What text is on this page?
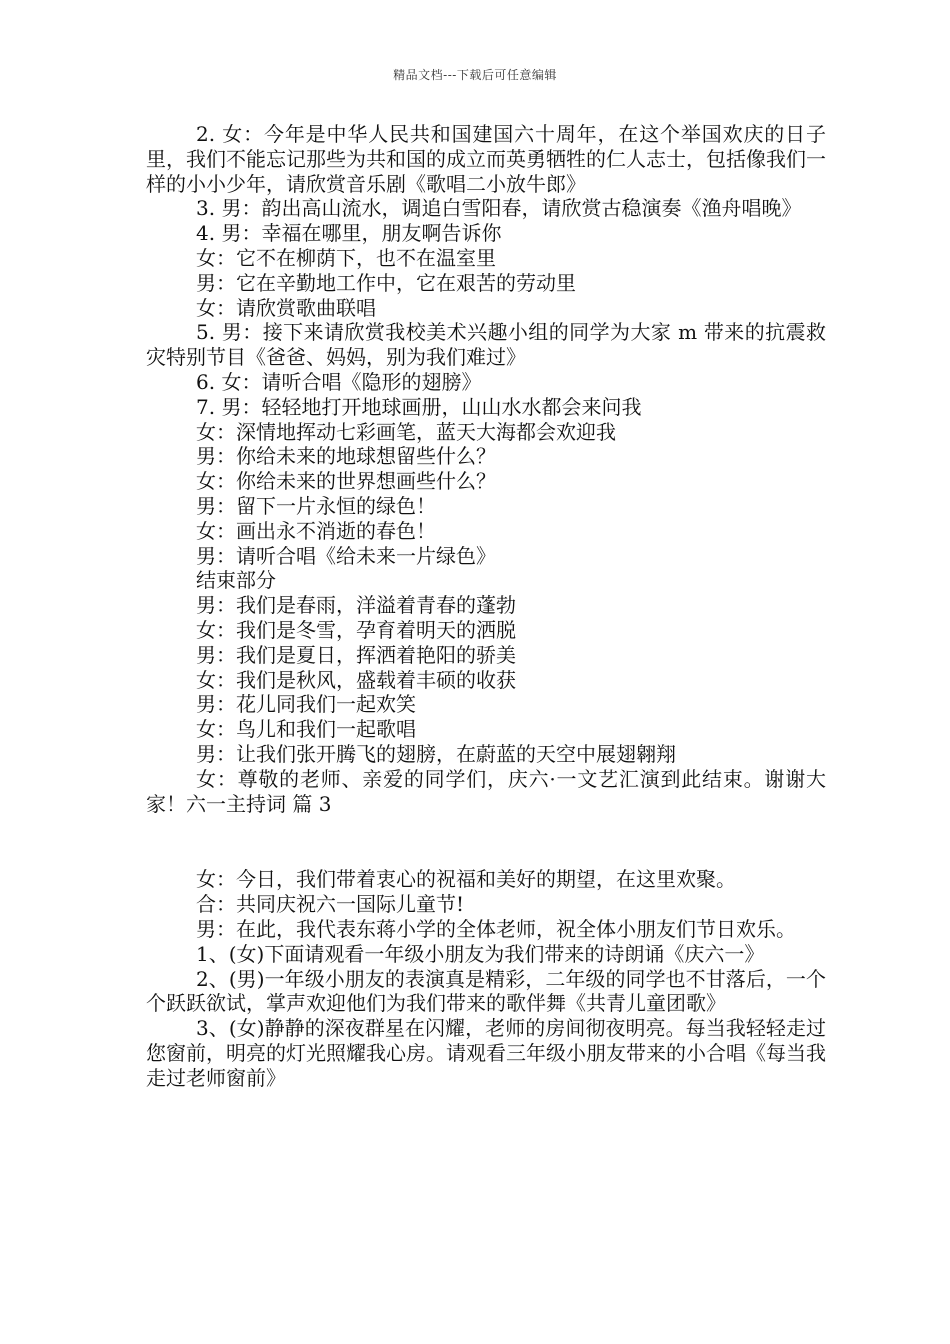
精品文档---下载后可任意编辑

2. 女：今年是中华人民共和国建国六十周年，在这个举国欢庆的日子里，我们不能忘记那些为共和国的成立而英勇牺牲的仁人志士，包括像我们一样的小小少年，请欣赏音乐剧《歌唱二小放牛郎》

3. 男：韵出高山流水，调追白雪阳春，请欣赏古稳演奏《渔舟唱晚》

4. 男：幸福在哪里，朋友啊告诉你

女：它不在柳荫下，也不在温室里

男：它在辛勤地工作中，它在艰苦的劳动里

女：请欣赏歌曲联唱

5. 男：接下来请欣赏我校美术兴趣小组的同学为大家 m 带来的抗震救灾特别节目《爸爸、妈妈，别为我们难过》

6. 女：请听合唱《隐形的翅膀》

7. 男：轻轻地打开地球画册，山山水水都会来问我

女：深情地挥动七彩画笔，蓝天大海都会欢迎我

男：你给未来的地球想留些什么？

女：你给未来的世界想画些什么？

男：留下一片永恒的绿色！

女：画出永不消逝的春色！

男：请听合唱《给未来一片绿色》

结束部分

男：我们是春雨，洋溢着青春的蓬勃

女：我们是冬雪，孕育着明天的洒脱

男：我们是夏日，挥洒着艳阳的骄美

女：我们是秋风，盛载着丰硕的收获

男：花儿同我们一起欢笑

女：鸟儿和我们一起歌唱

男：让我们张开腾飞的翅膀，在蔚蓝的天空中展翅翱翔

女：尊敬的老师、亲爱的同学们，庆六·一文艺汇演到此结束。谢谢大家！六一主持词 篇 3

女：今日，我们带着衷心的祝福和美好的期望，在这里欢聚。

合：共同庆祝六一国际儿童节!

男：在此，我代表东蒋小学的全体老师，祝全体小朋友们节日欢乐。

1、(女)下面请观看一年级小朋友为我们带来的诗朗诵《庆六一》

2、(男)一年级小朋友的表演真是精彩，二年级的同学也不甘落后，一个个跃跃欲试，掌声欢迎他们为我们带来的歌伴舞《共青儿童团歌》

3、(女)静静的深夜群星在闪耀，老师的房间彻夜明亮。每当我轻轻走过您窗前，明亮的灯光照耀我心房。请观看三年级小朋友带来的小合唱《每当我走过老师窗前》
